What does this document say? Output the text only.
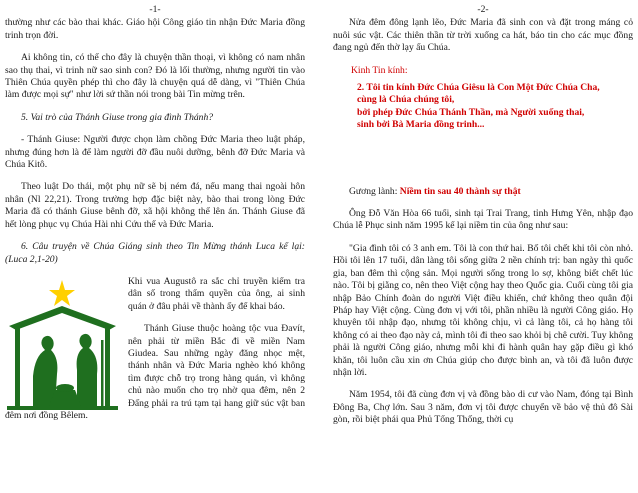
-1-

thường như các bào thai khác. Giáo hội Công giáo tin nhận Đức Maria đồng trinh trọn đời.

Ai không tin, có thể cho đây là chuyện thần thoại, vì không có nam nhân sao thụ thai, vì trinh nữ sao sinh con? Đó là lối thường, nhưng người tin vào Thiên Chúa quyền phép thì cho đây là chuyện quá dễ dàng, vì "Thiên Chúa làm được mọi sự" như lời sứ thần nói trong bài Tin mừng trên.

5. Vai trò của Thánh Giuse trong gia đình Thánh?

- Thánh Giuse: Người được chọn làm chồng Đức Maria theo luật pháp, nhưng đúng hơn là để làm người đỡ đầu nuôi dưỡng, bênh đỡ Đức Maria và Chúa Kitô.

Theo luật Do thái, một phụ nữ sẽ bị ném đá, nếu mang thai ngoài hôn nhân (Nl 22,21). Trong trường hợp đặc biệt này, bào thai trong lòng Đức Maria đã có thánh Giuse bênh đỡ, xã hội không thể lên án. Thánh Giuse đã hết lòng phục vụ Chúa Hài nhi Cứu thế và Đức Maria.

6. Câu truyện về Chúa Giáng sinh theo Tin Mừng thánh Luca kể lại: (Luca 2,1-20)

Khi vua Augustô ra sắc chỉ truyền kiểm tra dân số trong thẩm quyền của ông, ai sinh quán ở đâu phải về thành ấy để khai báo.

Thánh Giuse thuộc hoàng tộc vua Đavít, nên phải từ miền Bắc đi về miền Nam Giudea. Sau những ngày đăng nhọc mệt, thánh nhân và Đức Maria nghèo khó không tìm được chỗ trọ trong hàng quán, vì không chủ nào muốn cho trọ nhờ qua đêm, nên 2 Đấng phải ra trú tạm tại hang giữ súc vật ban đêm nơi đồng Bêlem.

-2-

Nửa đêm đông lạnh lẽo, Đức Maria đã sinh con và đặt trong máng cỏ nuôi súc vật. Các thiên thần từ trời xuống ca hát, báo tin cho các mục đồng đang ngủ đến thờ lạy ấu Chúa.

Kinh Tin kính:
2. Tôi tin kính Đức Chúa Giêsu là Con Một Đức Chúa Cha,
cùng là Chúa chúng tôi,
bởi phép Đức Chúa Thánh Thần, mà Người xuống thai,
sinh bởi Bà Maria đồng trinh...

Gương lành: Niềm tin sau 40 thành sự thật

Ông Đỗ Văn Hòa 66 tuổi, sinh tại Trai Trang, tỉnh Hưng Yên, nhập đạo Chúa lễ Phục sinh năm 1995 kể lại niềm tin của ông như sau:

"Gia đình tôi có 3 anh em. Tôi là con thứ hai. Bố tôi chết khi tôi còn nhỏ. Hồi tôi lên 17 tuổi, dân làng tôi sống giữa 2 nền chính trị: ban ngày thì quốc gia, ban đêm thì cộng sản. Mọi người sống trong lo sợ, không biết chết lúc nào. Tôi bị giằng co, nên theo Việt cộng hay theo Quốc gia. Cuối cùng tôi gia nhập Bảo Chính đoàn do người Việt điều khiển, chứ không theo quân đội Pháp hay Việt cộng. Cùng đơn vị với tôi, phần nhiều là người Công giáo. Họ khuyên tôi nhập đạo, nhưng tôi không chịu, vì cả làng tôi, cả họ hàng tôi không có ai theo đạo này cả, mình tôi đi theo sao khỏi bị chê cười. Tuy không phải là người Công giáo, nhưng mỗi khi đi hành quân hay gặp điều gì khó khăn, tôi luôn cầu xin ơn Chúa giúp cho được bình an, và tôi đã luôn được nhận lời.

Năm 1954, tôi đã cùng đơn vị và đồng bào di cư vào Nam, đóng tại Bình Đông Ba, Chợ lớn. Sau 3 năm, đơn vị tôi được chuyển về bảo vệ thủ đô Sài gòn, rồi biệt phái qua Phủ Tổng Thống, thời cụ
